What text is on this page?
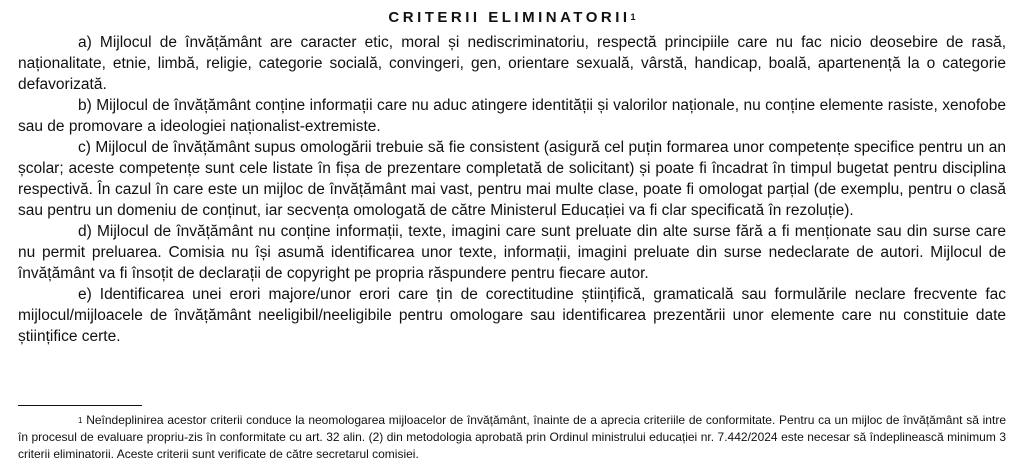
CRITERII ELIMINATORII$^1$

a) Mijlocul de învățământ are caracter etic, moral și nediscriminatoriu, respectă principiile care nu fac nicio deosebire de rasă, naționalitate, etnie, limbă, religie, categorie socială, convingeri, gen, orientare sexuală, vârstă, handicap, boală, apartenență la o categorie defavorizată.

b) Mijlocul de învățământ conține informații care nu aduc atingere identității și valorilor naționale, nu conține elemente rasiste, xenofobe sau de promovare a ideologiei naționalist-extremiste.

c) Mijlocul de învățământ supus omologării trebuie să fie consistent (asigură cel puțin formarea unor competențe specifice pentru un an școlar; aceste competențe sunt cele listate în fișa de prezentare completată de solicitant) și poate fi încadrat în timpul bugetat pentru disciplina respectivă. În cazul în care este un mijloc de învățământ mai vast, pentru mai multe clase, poate fi omologat parțial (de exemplu, pentru o clasă sau pentru un domeniu de conținut, iar secvența omologată de către Ministerul Educației va fi clar specificată în rezoluție).

d) Mijlocul de învățământ nu conține informații, texte, imagini care sunt preluate din alte surse fără a fi menționate sau din surse care nu permit preluarea. Comisia nu își asumă identificarea unor texte, informații, imagini preluate din surse nedeclarate de autori. Mijlocul de învățământ va fi însoțit de declarații de copyright pe propria răspundere pentru fiecare autor.

e) Identificarea unei erori majore/unor erori care țin de corectitudine științifică, gramaticală sau formulările neclare frecvente fac mijlocul/mijloacele de învățământ neeligibil/neeligibile pentru omologare sau identificarea prezentării unor elemente care nu constituie date științifice certe.

$^1$ Neîndeplinirea acestor criterii conduce la neomologarea mijloacelor de învățământ, înainte de a aprecia criteriile de conformitate. Pentru ca un mijloc de învățământ să intre în procesul de evaluare propriu-zis în conformitate cu art. 32 alin. (2) din metodologia aprobată prin Ordinul ministrului educației nr. 7.442/2024 este necesar să îndeplinească minimum 3 criterii eliminatorii. Aceste criterii sunt verificate de către secretarul comisiei.
